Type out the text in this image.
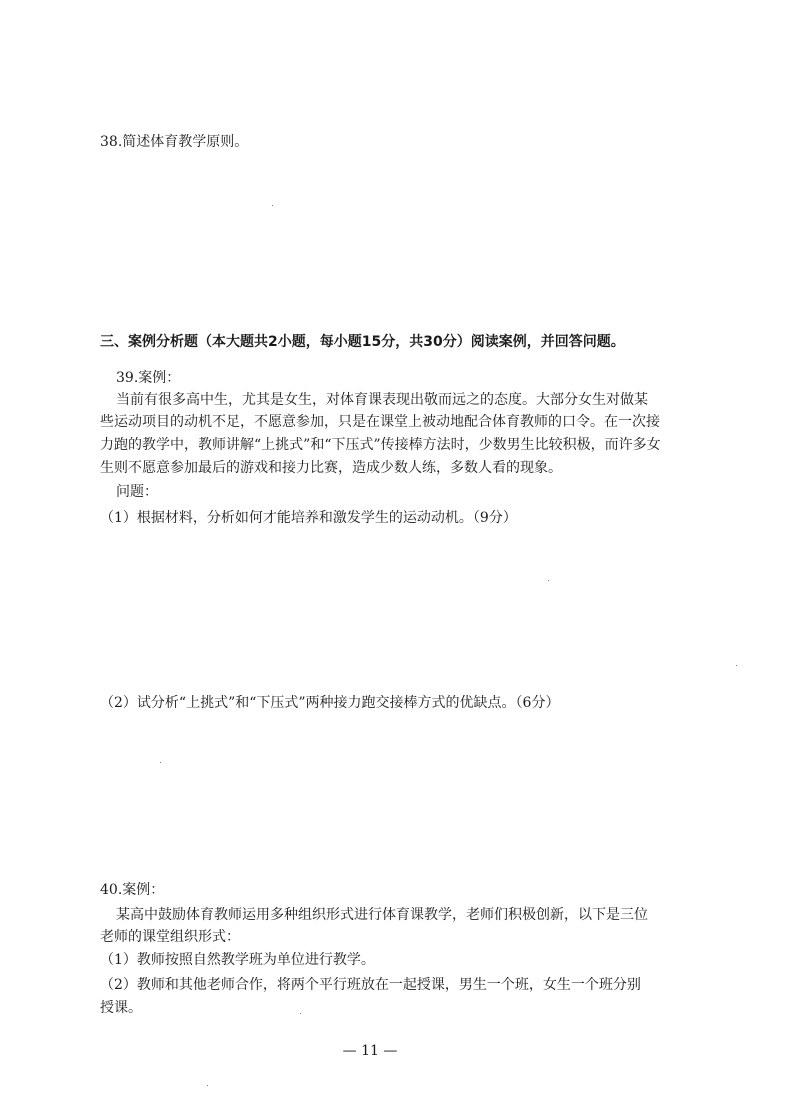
38.简述体育教学原则。

三、案例分析题（本大题共2小题，每小题15分，共30分）阅读案例，并回答问题。

39.案例：

当前有很多高中生，尤其是女生，对体育课表现出敬而远之的态度。大部分女生对做某

些运动项目的动机不足，不愿意参加，只是在课堂上被动地配合体育教师的口令。在一次接

力跑的教学中，教师讲解“上挑式”和“下压式”传接棒方法时，少数男生比较积极，而许多女

生则不愿意参加最后的游戏和接力比赛，造成少数人练，多数人看的现象。

问题：

（1）根据材料，分析如何才能培养和激发学生的运动动机。（9分）

（2）试分析“上挑式”和“下压式”两种接力跑交接棒方式的优缺点。（6分）

40.案例：

某高中鼓励体育教师运用多种组织形式进行体育课教学，老师们积极创新，以下是三位

老师的课堂组织形式：

（1）教师按照自然教学班为单位进行教学。

（2）教师和其他老师合作，将两个平行班放在一起授课，男生一个班，女生一个班分别

授课。

— 11 —
